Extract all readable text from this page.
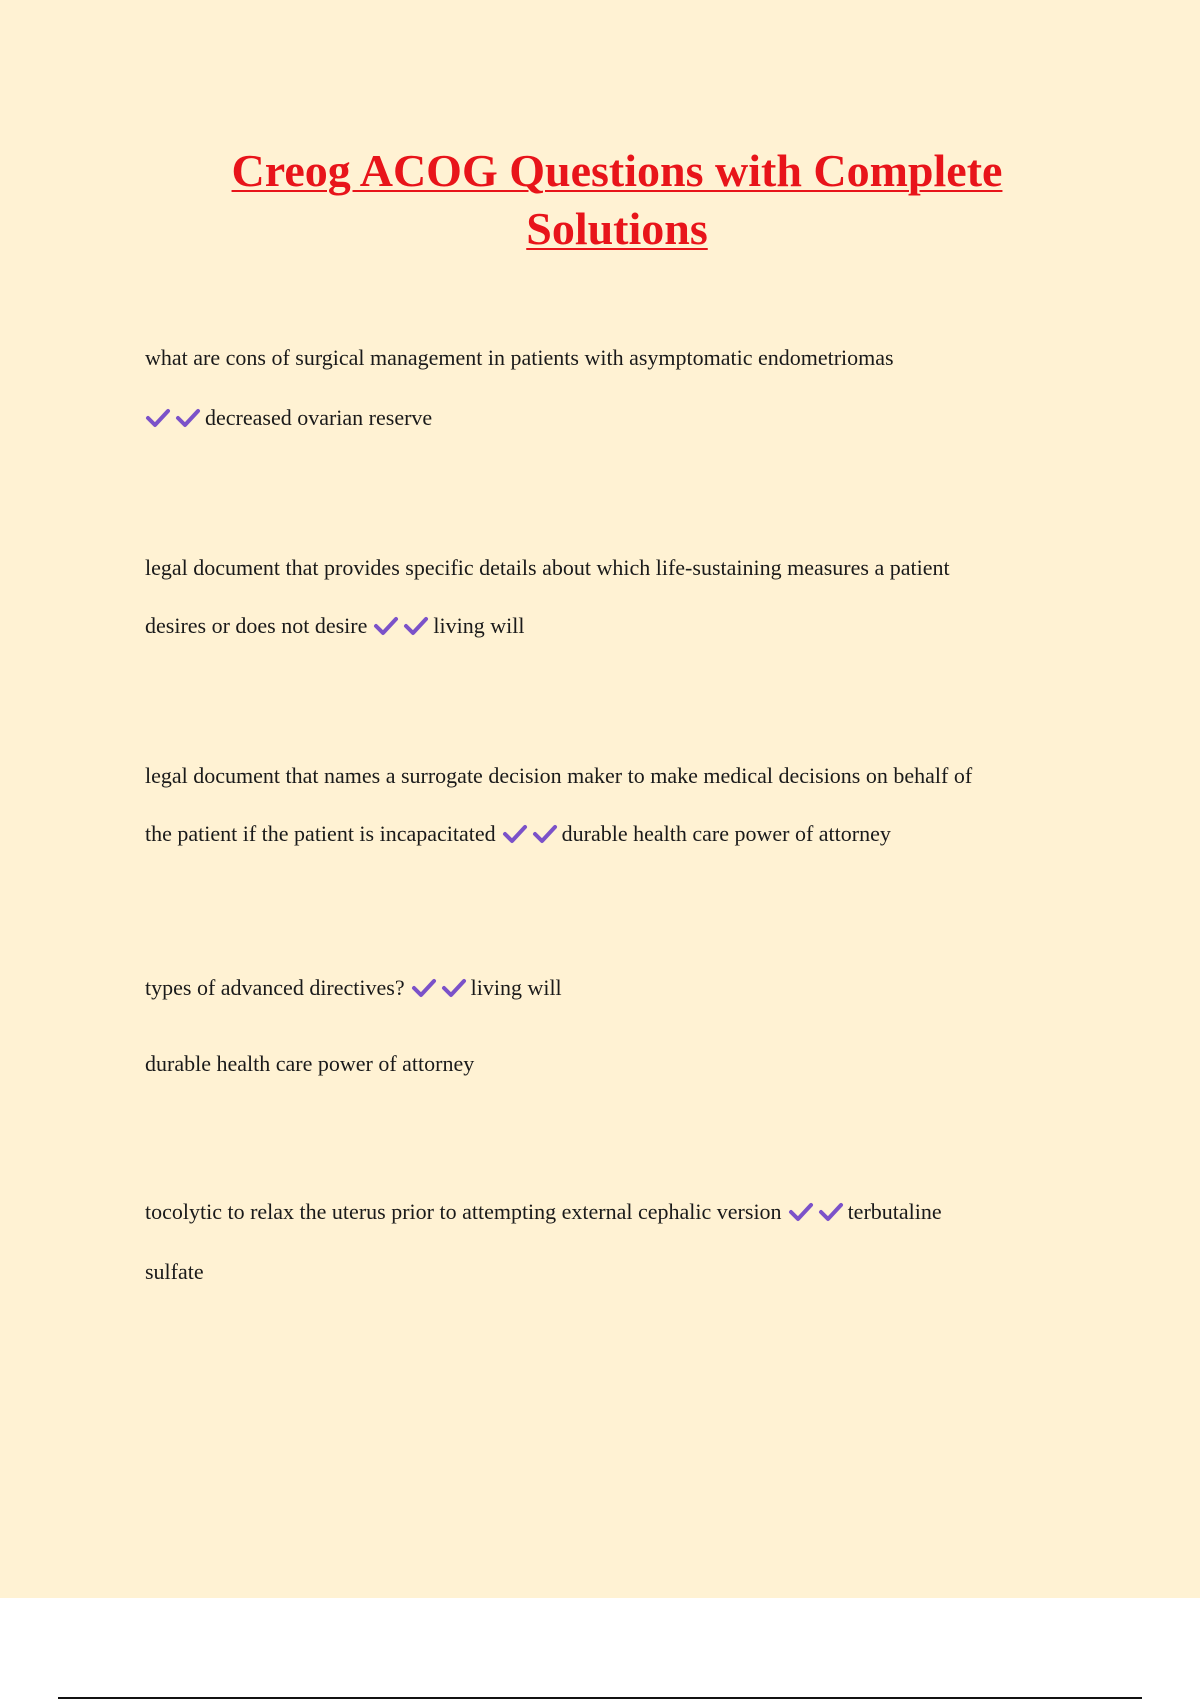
Creog ACOG Questions with Complete
Solutions
what are cons of surgical management in patients with asymptomatic endometriomas
decreased ovarian reserve
legal document that provides specific details about which life-sustaining measures a patient
desires or does not desire	living will
legal document that names a surrogate decision maker to make medical decisions on behalf of
the patient if the patient is incapacitated	durable health care power of attorney
types of advanced directives?	living will
durable health care power of attorney
tocolytic to relax the uterus prior to attempting external cephalic version	terbutaline
sulfate
